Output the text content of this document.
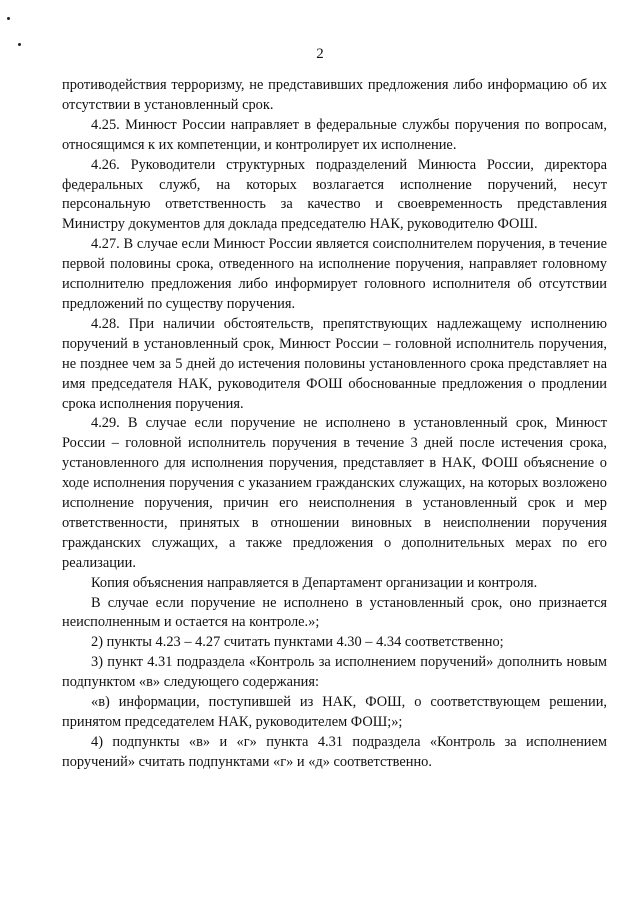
2

противодействия терроризму, не представивших предложения либо информацию об их отсутствии в установленный срок.

4.25. Минюст России направляет в федеральные службы поручения по вопросам, относящимся к их компетенции, и контролирует их исполнение.

4.26. Руководители структурных подразделений Минюста России, директора федеральных служб, на которых возлагается исполнение поручений, несут персональную ответственность за качество и своевременность представления Министру документов для доклада председателю НАК, руководителю ФОШ.

4.27. В случае если Минюст России является соисполнителем поручения, в течение первой половины срока, отведенного на исполнение поручения, направляет головному исполнителю предложения либо информирует головного исполнителя об отсутствии предложений по существу поручения.

4.28. При наличии обстоятельств, препятствующих надлежащему исполнению поручений в установленный срок, Минюст России – головной исполнитель поручения, не позднее чем за 5 дней до истечения половины установленного срока представляет на имя председателя НАК, руководителя ФОШ обоснованные предложения о продлении срока исполнения поручения.

4.29. В случае если поручение не исполнено в установленный срок, Минюст России – головной исполнитель поручения в течение 3 дней после истечения срока, установленного для исполнения поручения, представляет в НАК, ФОШ объяснение о ходе исполнения поручения с указанием гражданских служащих, на которых возложено исполнение поручения, причин его неисполнения в установленный срок и мер ответственности, принятых в отношении виновных в неисполнении поручения гражданских служащих, а также предложения о дополнительных мерах по его реализации.

Копия объяснения направляется в Департамент организации и контроля.

В случае если поручение не исполнено в установленный срок, оно признается неисполненным и остается на контроле.»;

2) пункты 4.23 – 4.27 считать пунктами 4.30 – 4.34 соответственно;

3) пункт 4.31 подраздела «Контроль за исполнением поручений» дополнить новым подпунктом «в» следующего содержания:

«в) информации, поступившей из НАК, ФОШ, о соответствующем решении, принятом председателем НАК, руководителем ФОШ;»;

4) подпункты «в» и «г» пункта 4.31 подраздела «Контроль за исполнением поручений» считать подпунктами «г» и «д» соответственно.
